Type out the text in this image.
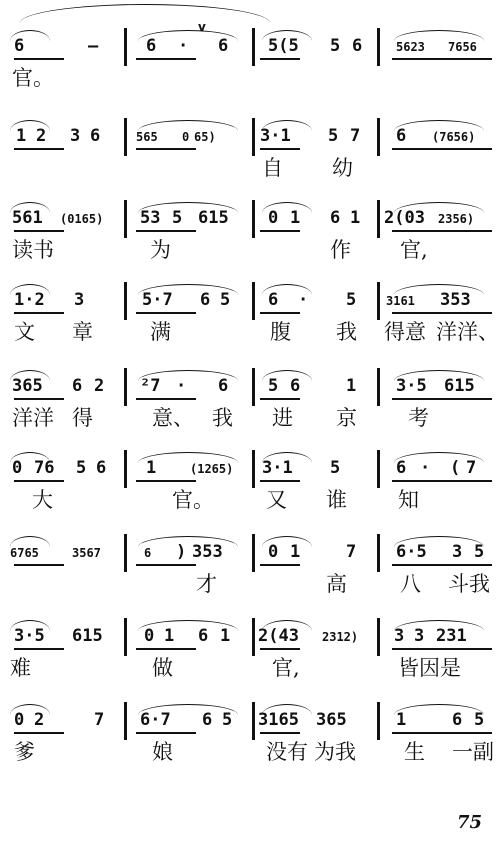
75
6	–	6 · 6 5(5 5 6	5623 7656
官。
v
1 2 3 6	565 0 65)	3·1 5 7 6 (7656)
自 幼
561 (0165) 53 5 615 0 1 6 1 2(03 2356)
读书	为	作 官,
1·2 3	5·7 6 5 6 · 5 3161 353
文 章	满	腹 我 得意 洋洋、
365 6 2 ²7 · 6 5 6	1 3·5 615
洋洋 得	意、 我 进 京 考
0 76 5 6 1	(1265) 3·1 5	6 · ( 7
大	官。 又 谁 知
6765	3567	6 ) 353	0 1	7 6·5 3 5
才	高	八 斗我
3·5 615 0 1 6 1 2(43 2312) 3 3 231
难	做	官,	皆因是
0 2	7 6·7 6 5 3165 365	1	6 5
爹	娘	没有 为我 生 一副
